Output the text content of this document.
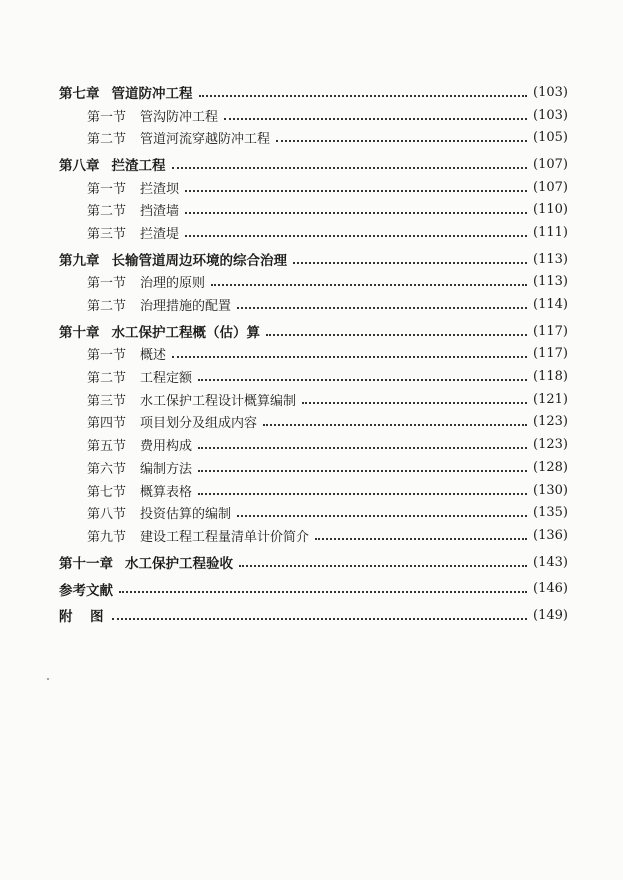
第七章 管道防冲工程	(103)
第一节 管沟防冲工程	(103)
第二节 管道河流穿越防冲工程	(105)
第八章 拦渣工程	(107)
第一节 拦渣坝	(107)
第二节 挡渣墙	(110)
第三节 拦渣堤	(111)
第九章 长输管道周边环境的综合治理	(113)
第一节 治理的原则	(113)
第二节 治理措施的配置	(114)
第十章 水工保护工程概（估）算	(117)
第一节 概述	(117)
第二节 工程定额	(118)
第三节 水工保护工程设计概算编制	(121)
第四节 项目划分及组成内容	(123)
第五节 费用构成	(123)
第六节 编制方法	(128)
第七节 概算表格	(130)
第八节 投资估算的编制	(135)
第九节 建设工程工程量清单计价简介	(136)
第十一章 水工保护工程验收	(143)
参考文献	(146)
附　图	(149)
